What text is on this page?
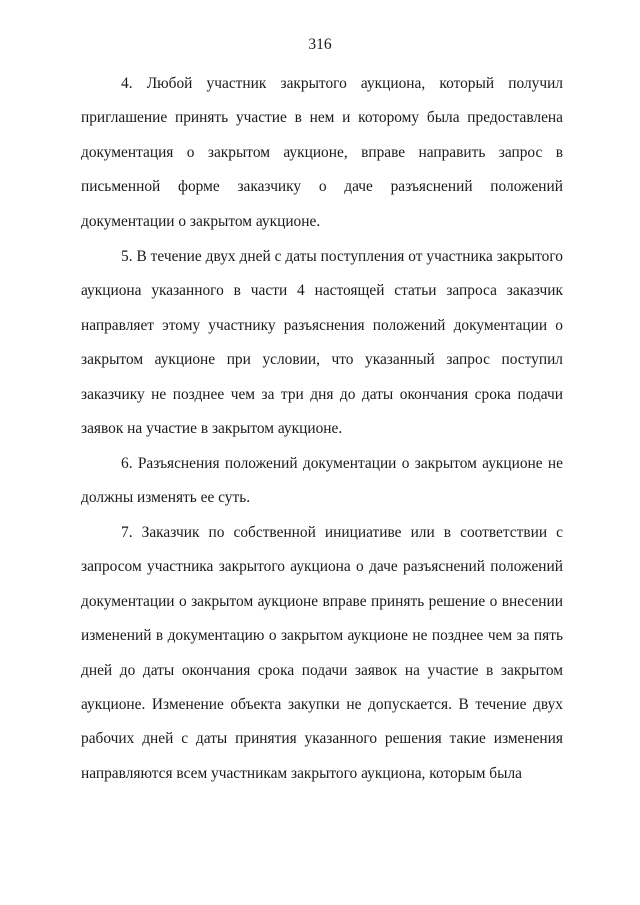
316

4. Любой участник закрытого аукциона, который получил приглашение принять участие в нем и которому была предоставлена документация о закрытом аукционе, вправе направить запрос в письменной форме заказчику о даче разъяснений положений документации о закрытом аукционе.

5. В течение двух дней с даты поступления от участника закрытого аукциона указанного в части 4 настоящей статьи запроса заказчик направляет этому участнику разъяснения положений документации о закрытом аукционе при условии, что указанный запрос поступил заказчику не позднее чем за три дня до даты окончания срока подачи заявок на участие в закрытом аукционе.

6. Разъяснения положений документации о закрытом аукционе не должны изменять ее суть.

7. Заказчик по собственной инициативе или в соответствии с запросом участника закрытого аукциона о даче разъяснений положений документации о закрытом аукционе вправе принять решение о внесении изменений в документацию о закрытом аукционе не позднее чем за пять дней до даты окончания срока подачи заявок на участие в закрытом аукционе. Изменение объекта закупки не допускается. В течение двух рабочих дней с даты принятия указанного решения такие изменения направляются всем участникам закрытого аукциона, которым была
